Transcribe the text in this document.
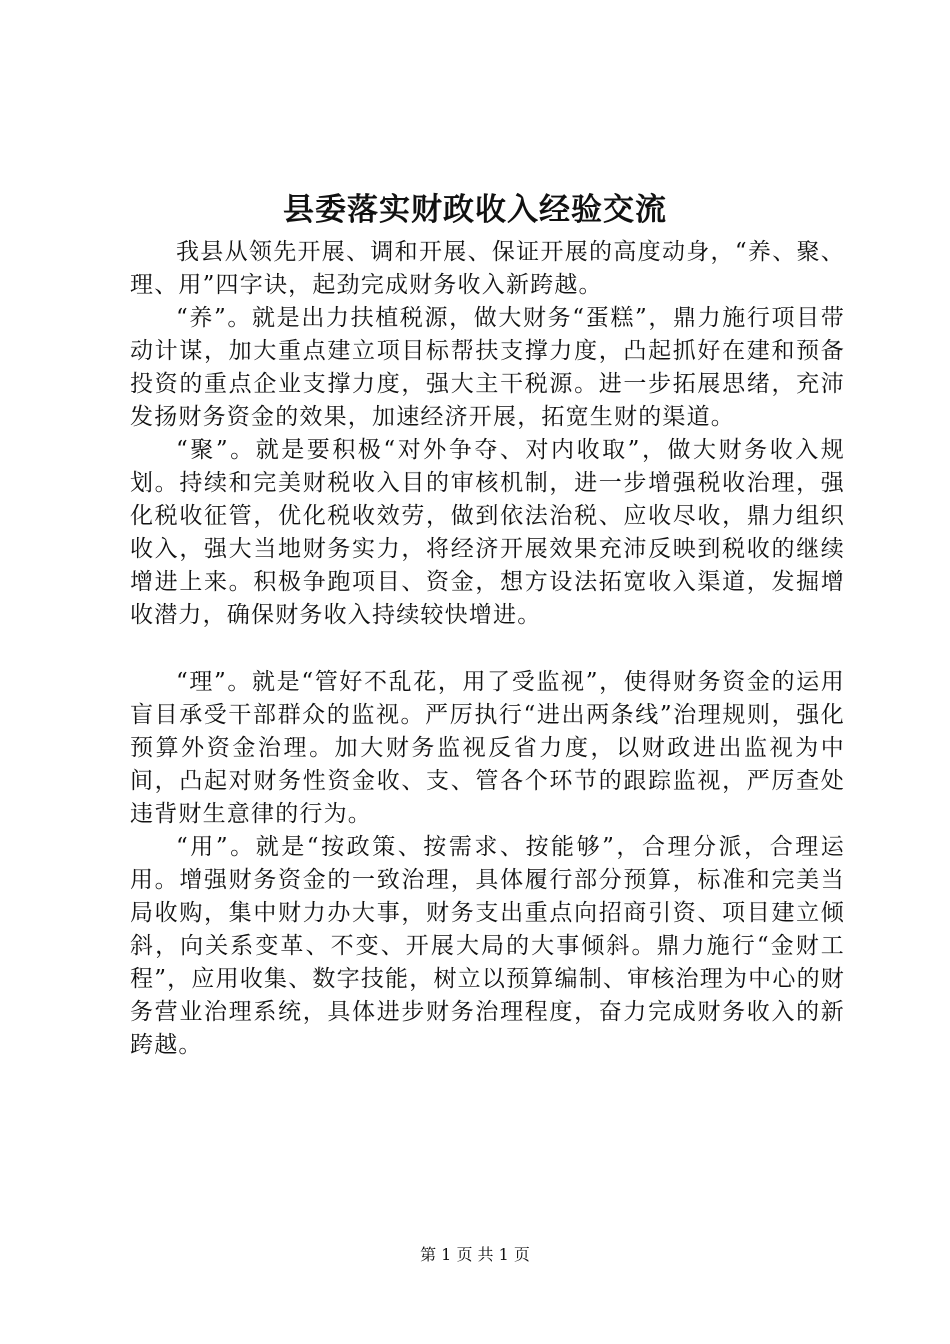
县委落实财政收入经验交流

我县从领先开展、调和开展、保证开展的高度动身，“养、聚、理、用”四字诀，起劲完成财务收入新跨越。

“养”。就是出力扶植税源，做大财务“蛋糕”，鼎力施行项目带动计谋，加大重点建立项目标帮扶支撑力度，凸起抓好在建和预备投资的重点企业支撑力度，强大主干税源。进一步拓展思绪，充沛发扬财务资金的效果，加速经济开展，拓宽生财的渠道。

“聚”。就是要积极“对外争夺、对内收取”，做大财务收入规划。持续和完美财税收入目的审核机制，进一步增强税收治理，强化税收征管，优化税收效劳，做到依法治税、应收尽收，鼎力组织收入，强大当地财务实力，将经济开展效果充沛反映到税收的继续增进上来。积极争跑项目、资金，想方设法拓宽收入渠道，发掘增收潜力，确保财务收入持续较快增进。

“理”。就是“管好不乱花，用了受监视”，使得财务资金的运用盲目承受干部群众的监视。严厉执行“进出两条线”治理规则，强化预算外资金治理。加大财务监视反省力度，以财政进出监视为中间，凸起对财务性资金收、支、管各个环节的跟踪监视，严厉查处违背财生意律的行为。

“用”。就是“按政策、按需求、按能够”，合理分派，合理运用。增强财务资金的一致治理，具体履行部分预算，标准和完美当局收购，集中财力办大事，财务支出重点向招商引资、项目建立倾斜，向关系变革、不变、开展大局的大事倾斜。鼎力施行“金财工程”，应用收集、数字技能，树立以预算编制、审核治理为中心的财务营业治理系统，具体进步财务治理程度，奋力完成财务收入的新跨越。

第 1 页 共 1 页
